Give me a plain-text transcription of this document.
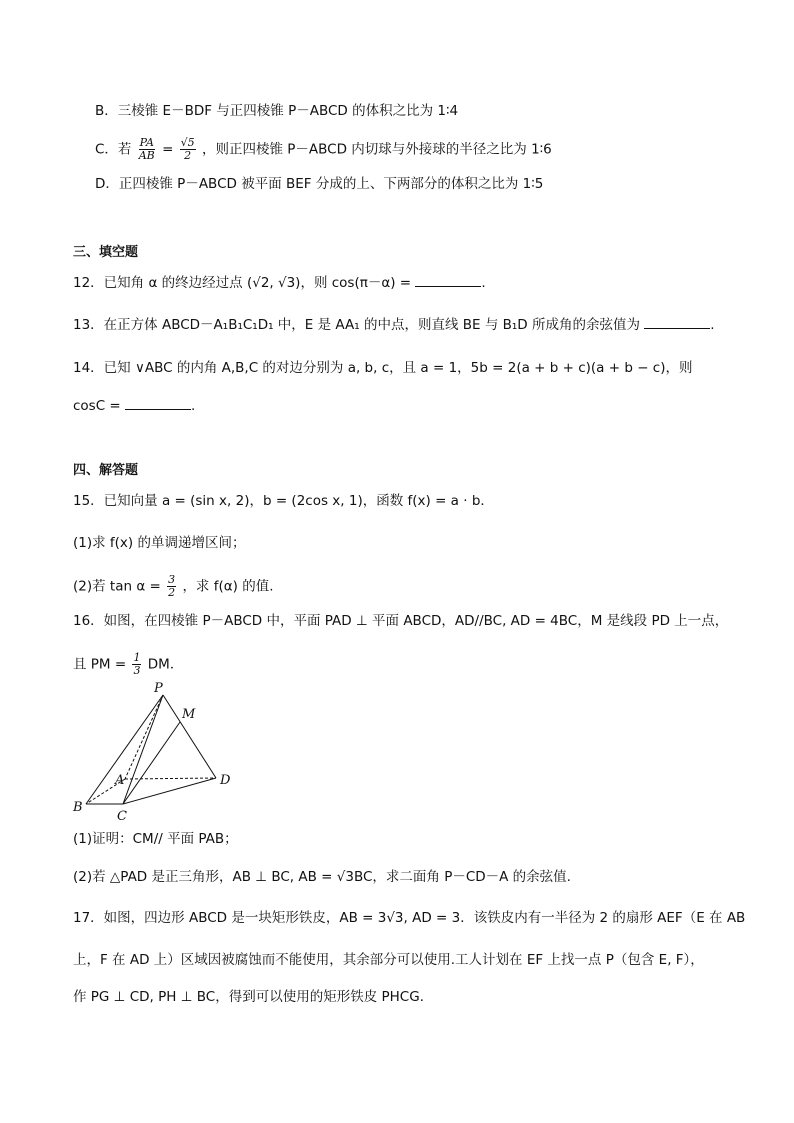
B．三棱锥 E－BDF 与正四棱锥 P－ABCD 的体积之比为 1∶4
C．若 $\frac{PA}{AB} = \frac{√5}{2}$ ，则正四棱锥 P－ABCD 内切球与外接球的半径之比为 1∶6
D．正四棱锥 P－ABCD 被平面 BEF 分成的上、下两部分的体积之比为 1∶5
三、填空题
12．已知角 α 的终边经过点 (√2, √3)，则 cos(π－α) =	.
13．在正方体 ABCD－A₁B₁C₁D₁ 中，E 是 AA₁ 的中点，则直线 BE 与 B₁D 所成角的余弦值为	.
14．已知 ∨ABC 的内角 A,B,C 的对边分别为 a, b, c，且 a = 1，5b = 2(a + b + c)(a + b − c)，则
cosC =	.
四、解答题
15．已知向量 a = (sin x, 2)，b = (2cos x, 1)，函数 f(x) = a · b．
(1)求 f(x) 的单调递增区间；
(2)若 $\tan \alpha = \frac{3}{2}$ ，求 f(α) 的值.
16．如图，在四棱锥 P－ABCD 中，平面 PAD ⊥ 平面 ABCD，AD//BC, AD = 4BC，M 是线段 PD 上一点，
且 PM = $\frac{1}{3}$ DM．
P
M
A
B
C
D
(1)证明：CM// 平面 PAB；
(2)若 △PAD 是正三角形，AB ⊥ BC, AB = √3BC，求二面角 P－CD－A 的余弦值.
17．如图，四边形 ABCD 是一块矩形铁皮，AB = 3√3, AD = 3．该铁皮内有一半径为 2 的扇形 AEF（E 在 AB
上，F 在 AD 上）区域因被腐蚀而不能使用，其余部分可以使用.工人计划在 EF 上找一点 P（包含 E, F），
作 PG ⊥ CD, PH ⊥ BC，得到可以使用的矩形铁皮 PHCG．
